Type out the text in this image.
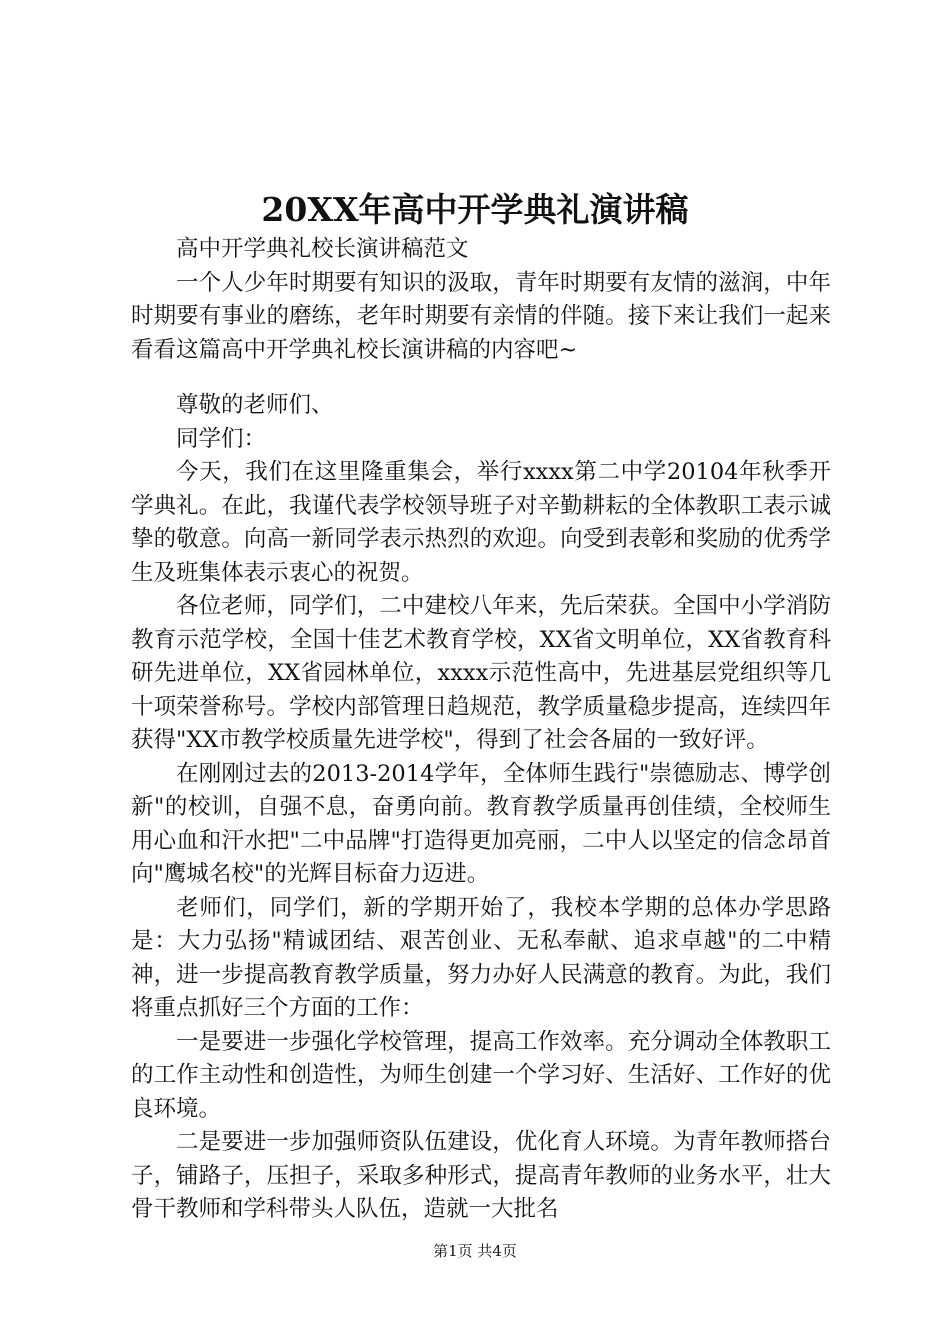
20XX年高中开学典礼演讲稿

高中开学典礼校长演讲稿范文

一个人少年时期要有知识的汲取，青年时期要有友情的滋润，中年时期要有事业的磨练，老年时期要有亲情的伴随。接下来让我们一起来看看这篇高中开学典礼校长演讲稿的内容吧~

尊敬的老师们、

同学们：

今天，我们在这里隆重集会，举行xxxx第二中学20104年秋季开学典礼。在此，我谨代表学校领导班子对辛勤耕耘的全体教职工表示诚挚的敬意。向高一新同学表示热烈的欢迎。向受到表彰和奖励的优秀学生及班集体表示衷心的祝贺。

各位老师，同学们，二中建校八年来，先后荣获。全国中小学消防教育示范学校，全国十佳艺术教育学校，XX省文明单位，XX省教育科研先进单位，XX省园林单位，xxxx示范性高中，先进基层党组织等几十项荣誉称号。学校内部管理日趋规范，教学质量稳步提高，连续四年获得"XX市教学校质量先进学校"，得到了社会各届的一致好评。

在刚刚过去的2013-2014学年，全体师生践行"崇德励志、博学创新"的校训，自强不息，奋勇向前。教育教学质量再创佳绩，全校师生用心血和汗水把"二中品牌"打造得更加亮丽，二中人以坚定的信念昂首向"鹰城名校"的光辉目标奋力迈进。

老师们，同学们，新的学期开始了，我校本学期的总体办学思路是：大力弘扬"精诚团结、艰苦创业、无私奉献、追求卓越"的二中精神，进一步提高教育教学质量，努力办好人民满意的教育。为此，我们将重点抓好三个方面的工作：

一是要进一步强化学校管理，提高工作效率。充分调动全体教职工的工作主动性和创造性，为师生创建一个学习好、生活好、工作好的优良环境。

二是要进一步加强师资队伍建设，优化育人环境。为青年教师搭台子，铺路子，压担子，采取多种形式，提高青年教师的业务水平，壮大骨干教师和学科带头人队伍，造就一大批名

第1页 共4页
